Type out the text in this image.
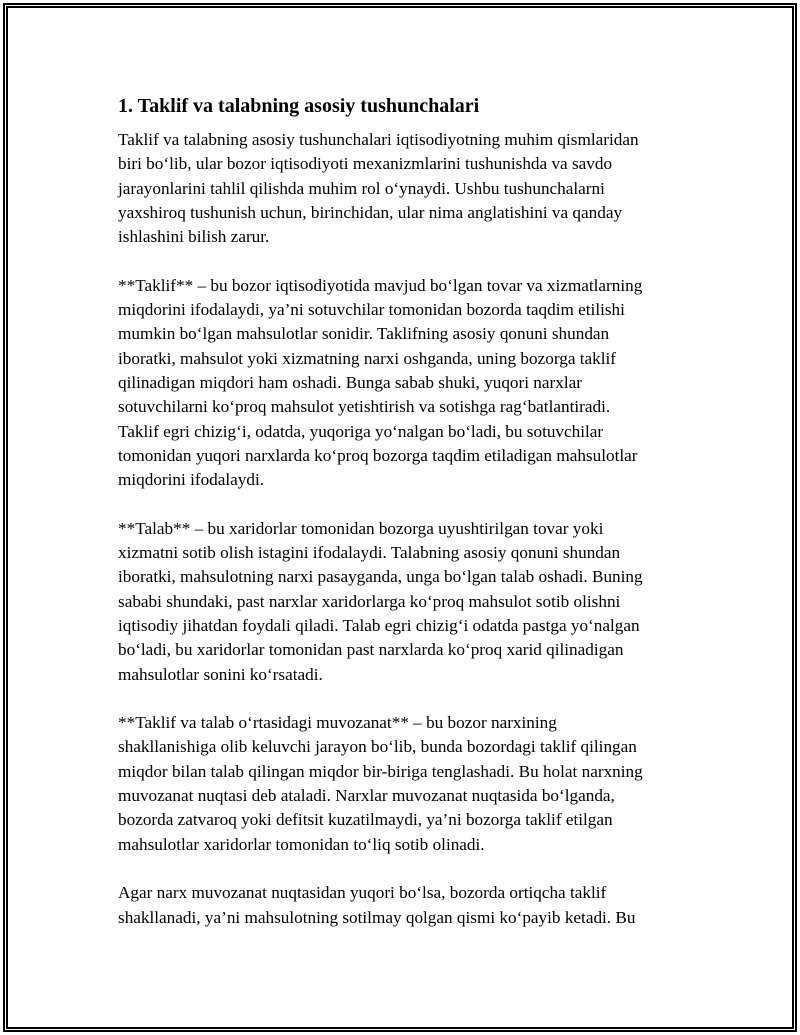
1. Taklif va talabning asosiy tushunchalari
Taklif va talabning asosiy tushunchalari iqtisodiyotning muhim qismlaridan
biri bo‘lib, ular bozor iqtisodiyoti mexanizmlarini tushunishda va savdo
jarayonlarini tahlil qilishda muhim rol o‘ynaydi. Ushbu tushunchalarni
yaxshiroq tushunish uchun, birinchidan, ular nima anglatishini va qanday
ishlashini bilish zarur.
**Taklif** – bu bozor iqtisodiyotida mavjud bo‘lgan tovar va xizmatlarning
miqdorini ifodalaydi, ya’ni sotuvchilar tomonidan bozorda taqdim etilishi
mumkin bo‘lgan mahsulotlar sonidir. Taklifning asosiy qonuni shundan
iboratki, mahsulot yoki xizmatning narxi oshganda, uning bozorga taklif
qilinadigan miqdori ham oshadi. Bunga sabab shuki, yuqori narxlar
sotuvchilarni ko‘proq mahsulot yetishtirish va sotishga rag‘batlantiradi.
Taklif egri chizig‘i, odatda, yuqoriga yo‘nalgan bo‘ladi, bu sotuvchilar
tomonidan yuqori narxlarda ko‘proq bozorga taqdim etiladigan mahsulotlar
miqdorini ifodalaydi.
**Talab** – bu xaridorlar tomonidan bozorga uyushtirilgan tovar yoki
xizmatni sotib olish istagini ifodalaydi. Talabning asosiy qonuni shundan
iboratki, mahsulotning narxi pasayganda, unga bo‘lgan talab oshadi. Buning
sababi shundaki, past narxlar xaridorlarga ko‘proq mahsulot sotib olishni
iqtisodiy jihatdan foydali qiladi. Talab egri chizig‘i odatda pastga yo‘nalgan
bo‘ladi, bu xaridorlar tomonidan past narxlarda ko‘proq xarid qilinadigan
mahsulotlar sonini ko‘rsatadi.
**Taklif va talab o‘rtasidagi muvozanat** – bu bozor narxining
shakllanishiga olib keluvchi jarayon bo‘lib, bunda bozordagi taklif qilingan
miqdor bilan talab qilingan miqdor bir-biriga tenglashadi. Bu holat narxning
muvozanat nuqtasi deb ataladi. Narxlar muvozanat nuqtasida bo‘lganda,
bozorda zatvaroq yoki defitsit kuzatilmaydi, ya’ni bozorga taklif etilgan
mahsulotlar xaridorlar tomonidan to‘liq sotib olinadi.
Agar narx muvozanat nuqtasidan yuqori bo‘lsa, bozorda ortiqcha taklif
shakllanadi, ya’ni mahsulotning sotilmay qolgan qismi ko‘payib ketadi. Bu
